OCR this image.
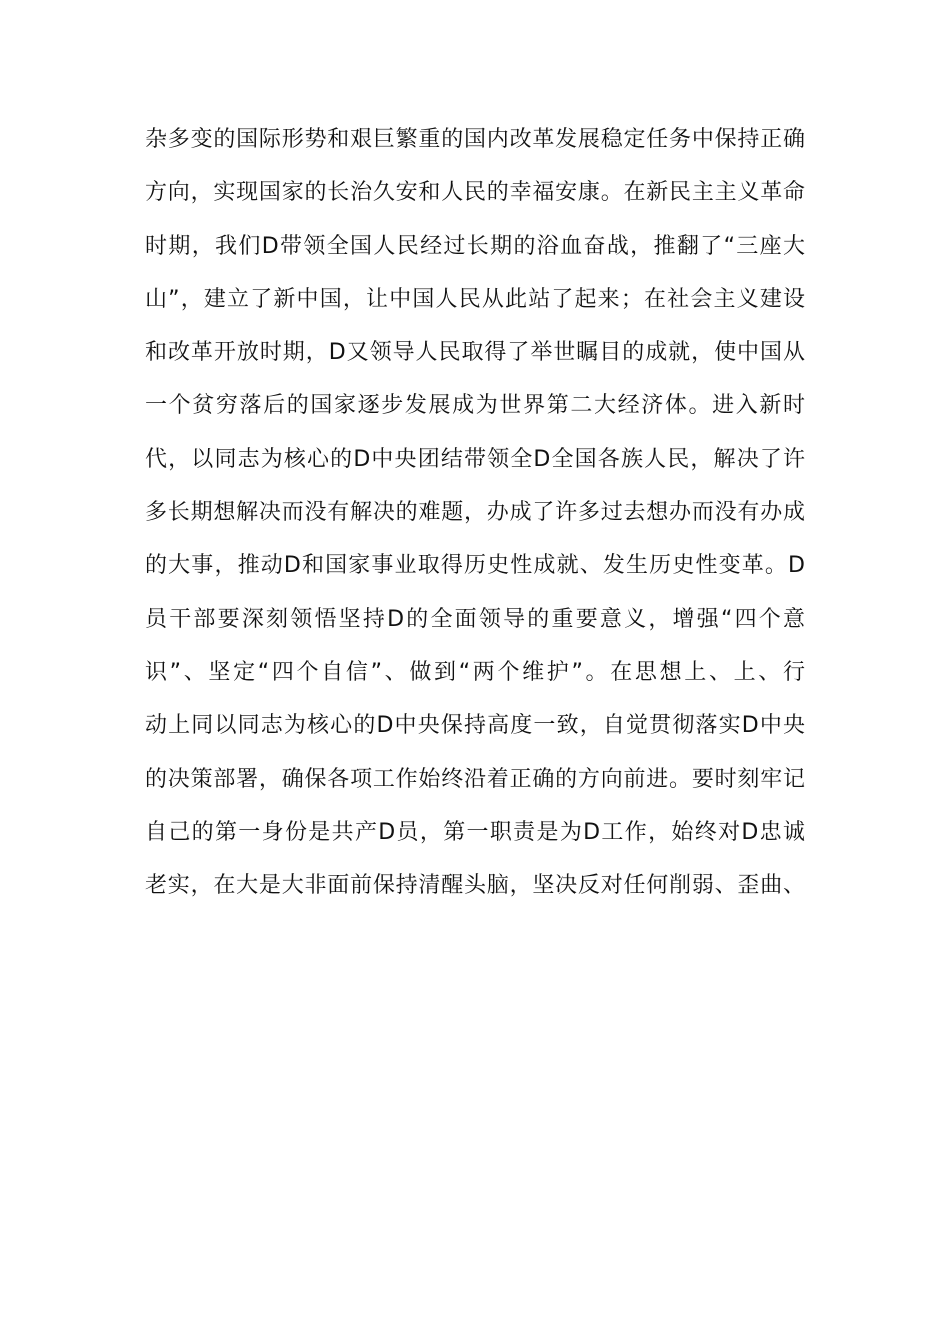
杂多变的国际形势和艰巨繁重的国内改革发展稳定任务中保持正确
方向，实现国家的长治久安和人民的幸福安康。在新民主主义革命
时期，我们D带领全国人民经过长期的浴血奋战，推翻了“三座大
山”，建立了新中国，让中国人民从此站了起来；在社会主义建设
和改革开放时期，D又领导人民取得了举世瞩目的成就，使中国从
一个贫穷落后的国家逐步发展成为世界第二大经济体。进入新时
代，以同志为核心的D中央团结带领全D全国各族人民，解决了许
多长期想解决而没有解决的难题，办成了许多过去想办而没有办成
的大事，推动D和国家事业取得历史性成就、发生历史性变革。D
员干部要深刻领悟坚持D的全面领导的重要意义，增强“四个意
识”、坚定“四个自信”、做到“两个维护”。在思想上、上、行
动上同以同志为核心的D中央保持高度一致，自觉贯彻落实D中央
的决策部署，确保各项工作始终沿着正确的方向前进。要时刻牢记
自己的第一身份是共产D员，第一职责是为D工作，始终对D忠诚
老实，在大是大非面前保持清醒头脑，坚决反对任何削弱、歪曲、
